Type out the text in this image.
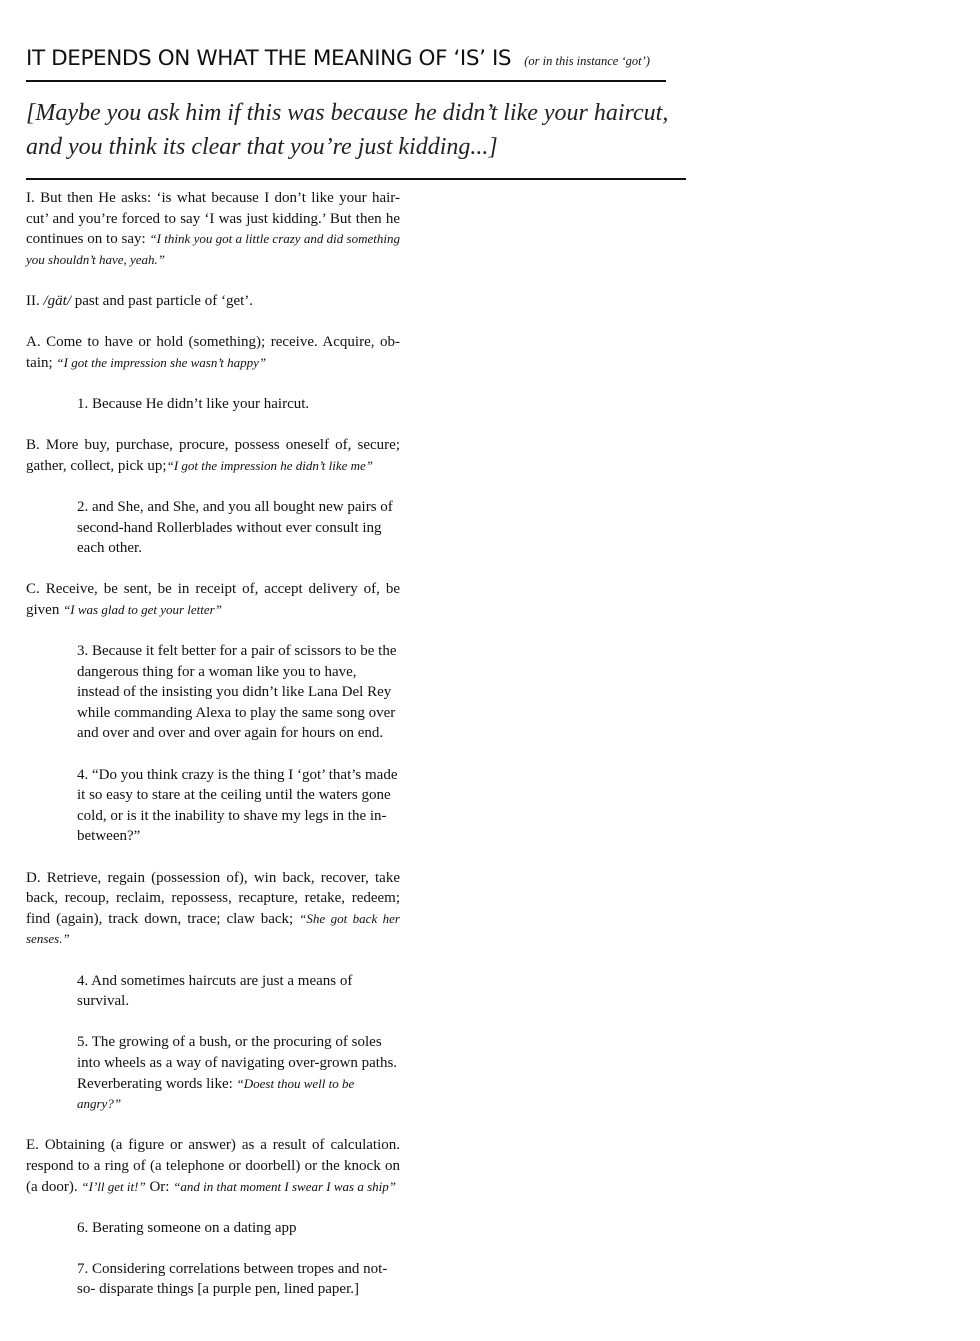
IT DEPENDS ON WHAT THE MEANING OF ‘IS’ IS (or in this instance ‘got’)
[Maybe you ask him if this was because he didn’t like your haircut, and you think its clear that you’re just kidding...]

I. But then He asks: ‘is what because I don’t like your hair-cut’ and you’re forced to say ‘I was just kidding.’ But then he continues on to say: “I think you got a little crazy and did something you shouldn’t have, yeah.”

II. /gät/ past and past particle of ‘get’.

A. Come to have or hold (something); receive. Acquire, ob-tain; “I got the impression she wasn’t happy”

1. Because He didn’t like your haircut.

B. More buy, purchase, procure, possess oneself of, secure; gather, collect, pick up;“I got the impression he didn’t like me”

2. and She, and She, and you all bought new pairs of second-hand Rollerblades without ever consult ing each other.

C. Receive, be sent, be in receipt of, accept delivery of, be given “I was glad to get your letter”

3. Because it felt better for a pair of scissors to be the dangerous thing for a woman like you to have, instead of the insisting you didn’t like Lana Del Rey while commanding Alexa to play the same song over and over and over and over again for hours on end.

4. “Do you think crazy is the thing I ‘got’ that’s made it so easy to stare at the ceiling until the waters gone cold, or is it the inability to shave my legs in the in- between?”

D. Retrieve, regain (possession of), win back, recover, take back, recoup, reclaim, repossess, recapture, retake, redeem; find (again), track down, trace; claw back; “She got back her senses.”

4. And sometimes haircuts are just a means of survival.

5. The growing of a bush, or the procuring of soles into wheels as a way of navigating over-grown paths. Reverberating words like: “Doest thou well to be angry?”

E. Obtaining (a figure or answer) as a result of calculation. respond to a ring of (a telephone or doorbell) or the knock on (a door). “I’ll get it!” Or: “and in that moment I swear I was a ship”

6. Berating someone on a dating app

7. Considering correlations between tropes and not-so- disparate things [a purple pen, lined paper.]
